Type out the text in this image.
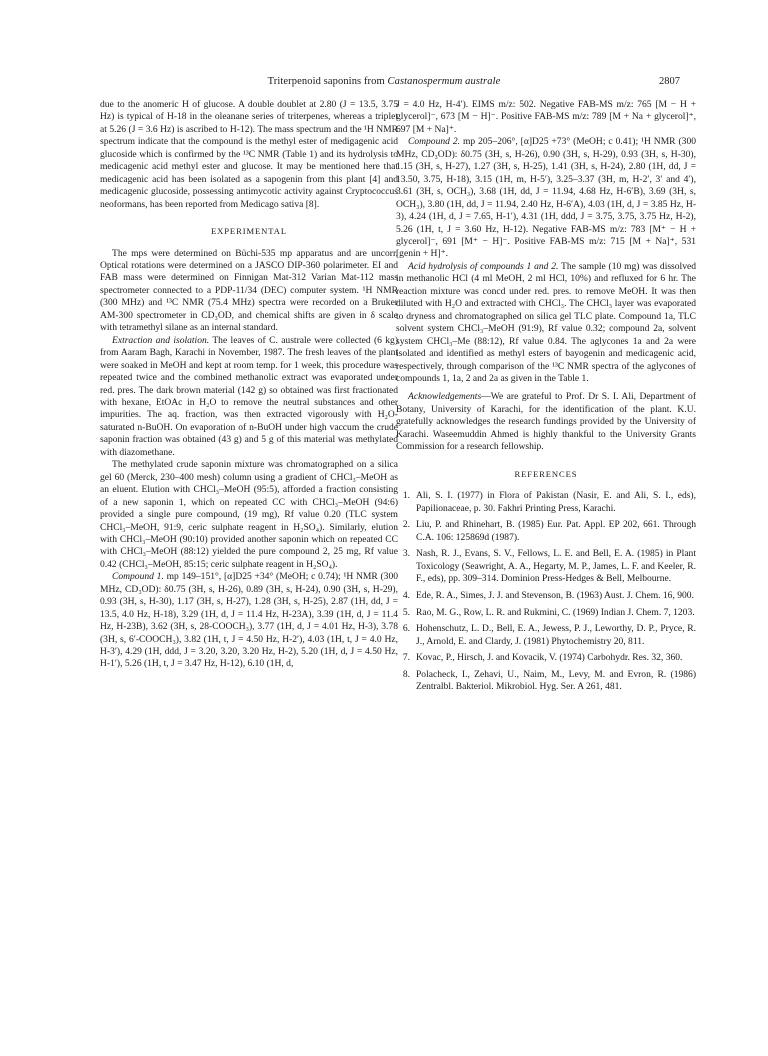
Triterpenoid saponins from Castanospermum australe	2807

due to the anomeric H of glucose. A double doublet at 2.80 (J = 13.5, 3.75 Hz) is typical of H-18 in the oleanane series of triterpenes, whereas a triplet at 5.26 (J = 3.6 Hz) is ascribed to H-12). The mass spectrum and the ¹H NMR spectrum indicate that the compound is the methyl ester of medigagenic acid glucoside which is confirmed by the ¹³C NMR (Table 1) and its hydrolysis to medicagenic acid methyl ester and glucose. It may be mentioned here that medicagenic acid has been isolated as a sapogenin from this plant [4] and medicagenic glucoside, possessing antimycotic activity against Cryptococcus neoformans, has been reported from Medicago sativa [8].

EXPERIMENTAL

The mps were determined on Büchi-535 mp apparatus and are uncorr. Optical rotations were determined on a JASCO DIP-360 polarimeter. EI and FAB mass were determined on Finnigan Mat-312 Varian Mat-112 mass spectrometer connected to a PDP-11/34 (DEC) computer system. ¹H NMR (300 MHz) and ¹³C NMR (75.4 MHz) spectra were recorded on a Bruker AM-300 spectrometer in CD₃OD, and chemical shifts are given in δ scale with tetramethyl silane as an internal standard.

Extraction and isolation. The leaves of C. australe were collected (6 kg) from Aaram Bagh, Karachi in November, 1987. The fresh leaves of the plant were soaked in MeOH and kept at room temp. for 1 week, this procedure was repeated twice and the combined methanolic extract was evaporated under red. pres. The dark brown material (142 g) so obtained was first fractionated with hexane, EtOAc in H₂O to remove the neutral substances and other impurities. The aq. fraction, was then extracted vigorously with H₂O-saturated n-BuOH. On evaporation of n-BuOH under high vaccum the crude saponin fraction was obtained (43 g) and 5 g of this material was methylated with diazomethane.

The methylated crude saponin mixture was chromatographed on a silica gel 60 (Merck, 230–400 mesh) column using a gradient of CHCl₃–MeOH as an eluent. Elution with CHCl₃–MeOH (95:5), afforded a fraction consisting of a new saponin 1, which on repeated CC with CHCl₃–MeOH (94:6) provided a single pure compound, (19 mg), Rf value 0.20 (TLC system CHCl₃–MeOH, 91:9, ceric sulphate reagent in H₂SO₄). Similarly, elution with CHCl₃–MeOH (90:10) provided another saponin which on repeated CC with CHCl₃–MeOH (88:12) yielded the pure compound 2, 25 mg, Rf value 0.42 (CHCl₃–MeOH, 85:15; ceric sulphate reagent in H₂SO₄).

Compound 1. mp 149–151°, [α]D25 +34° (MeOH; c 0.74); ¹H NMR (300 MHz, CD₃OD): δ0.75 (3H, s, H-26), 0.89 (3H, s, H-24), 0.90 (3H, s, H-29), 0.93 (3H, s, H-30), 1.17 (3H, s, H-27), 1.28 (3H, s, H-25), 2.87 (1H, dd, J = 13.5, 4.0 Hz, H-18), 3.29 (1H, d, J = 11.4 Hz, H-23A), 3.39 (1H, d, J = 11.4 Hz, H-23B), 3.62 (3H, s, 28-COOCH₃), 3.77 (1H, d, J = 4.01 Hz, H-3), 3.78 (3H, s, 6′-COOCH₃), 3.82 (1H, t, J = 4.50 Hz, H-2′), 4.03 (1H, t, J = 4.0 Hz, H-3′), 4.29 (1H, ddd, J = 3.20, 3.20, 3.20 Hz, H-2), 5.20 (1H, d, J = 4.50 Hz, H-1′), 5.26 (1H, t, J = 3.47 Hz, H-12), 6.10 (1H, d,

J = 4.0 Hz, H-4′). EIMS m/z: 502. Negative FAB-MS m/z: 765 [M − H + glycerol]⁻, 673 [M − H]⁻. Positive FAB-MS m/z: 789 [M + Na + glycerol]⁺, 697 [M + Na]⁺.

Compound 2. mp 205–206°, [α]D25 +73° (MeOH; c 0.41); ¹H NMR (300 MHz, CD₃OD): δ0.75 (3H, s, H-26), 0.90 (3H, s, H-29), 0.93 (3H, s, H-30), 1.15 (3H, s, H-27), 1.27 (3H, s, H-25), 1.41 (3H, s, H-24), 2.80 (1H, dd, J = 13.50, 3.75, H-18), 3.15 (1H, m, H-5′), 3.25–3.37 (3H, m, H-2′, 3′ and 4′), 3.61 (3H, s, OCH₃), 3.68 (1H, dd, J = 11.94, 4.68 Hz, H-6′B), 3.69 (3H, s, OCH₃), 3.80 (1H, dd, J = 11.94, 2.40 Hz, H-6′A), 4.03 (1H, d, J = 3.85 Hz, H-3), 4.24 (1H, d, J = 7.65, H-1′), 4.31 (1H, ddd, J = 3.75, 3.75, 3.75 Hz, H-2), 5.26 (1H, t, J = 3.60 Hz, H-12). Negative FAB-MS m/z: 783 [M⁺ − H + glycerol]⁻, 691 [M⁺ − H]⁻. Positive FAB-MS m/z: 715 [M + Na]⁺, 531 [genin + H]⁺.

Acid hydrolysis of compounds 1 and 2. The sample (10 mg) was dissolved in methanolic HCl (4 ml MeOH, 2 ml HCl, 10%) and refluxed for 6 hr. The reaction mixture was concd under red. pres. to remove MeOH. It was then diluted with H₂O and extracted with CHCl₃. The CHCl₃ layer was evaporated to dryness and chromatographed on silica gel TLC plate. Compound 1a, TLC solvent system CHCl₃–MeOH (91:9), Rf value 0.32; compound 2a, solvent system CHCl₃–Me (88:12), Rf value 0.84. The aglycones 1a and 2a were isolated and identified as methyl esters of bayogenin and medicagenic acid, respectively, through comparison of the ¹³C NMR spectra of the aglycones of compounds 1, 1a, 2 and 2a as given in the Table 1.

Acknowledgements—We are grateful to Prof. Dr S. I. Ali, Department of Botany, University of Karachi, for the identification of the plant. K.U. gratefully acknowledges the research fundings provided by the University of Karachi. Waseemuddin Ahmed is highly thankful to the University Grants Commission for a research fellowship.

REFERENCES
1. Ali, S. I. (1977) in Flora of Pakistan (Nasir, E. and Ali, S. I., eds), Papilionaceae, p. 30. Fakhri Printing Press, Karachi.
2. Liu, P. and Rhinehart, B. (1985) Eur. Pat. Appl. EP 202, 661. Through C.A. 106: 125869d (1987).
3. Nash, R. J., Evans, S. V., Fellows, L. E. and Bell, E. A. (1985) in Plant Toxicology (Seawright, A. A., Hegarty, M. P., James, L. F. and Keeler, R. F., eds), pp. 309–314. Dominion Press-Hedges & Bell, Melbourne.
4. Ede, R. A., Simes, J. J. and Stevenson, B. (1963) Aust. J. Chem. 16, 900.
5. Rao, M. G., Row, L. R. and Rukmini, C. (1969) Indian J. Chem. 7, 1203.
6. Hohenschutz, L. D., Bell, E. A., Jewess, P. J., Leworthy, D. P., Pryce, R. J., Arnold, E. and Clardy, J. (1981) Phytochemistry 20, 811.
7. Kovac, P., Hirsch, J. and Kovacik, V. (1974) Carbohydr. Res. 32, 360.
8. Polacheck, I., Zehavi, U., Naim, M., Levy, M. and Evron, R. (1986) Zentralbl. Bakteriol. Mikrobiol. Hyg. Ser. A 261, 481.
